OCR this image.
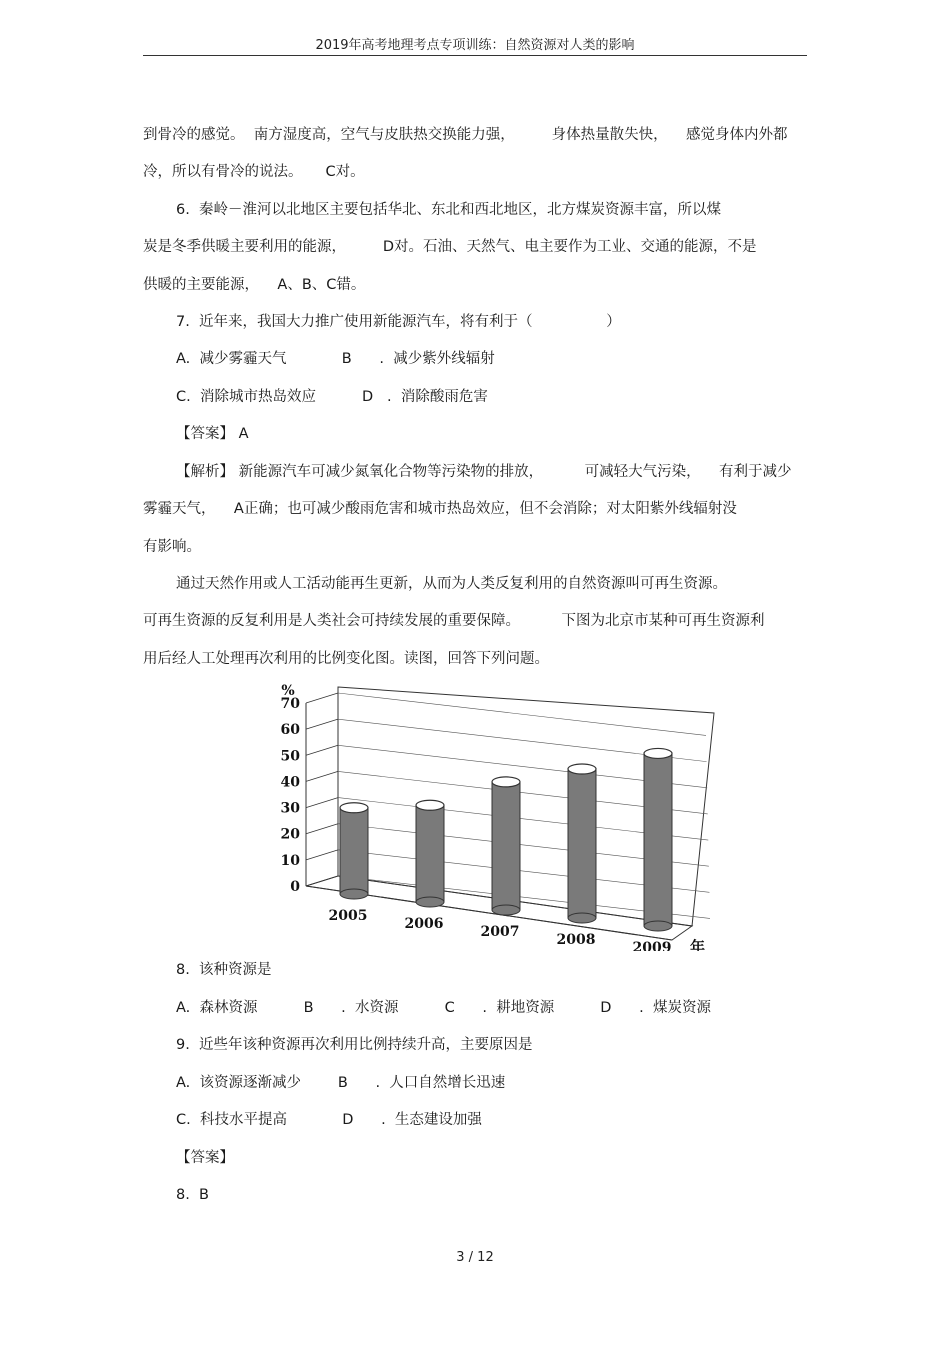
2019年高考地理考点专项训练：自然资源对人类的影响
到骨冷的感觉。  南方湿度高，空气与皮肤热交换能力强，        身体热量散失快，    感觉身体内外都
冷，所以有骨冷的说法。     C对。
6.  秦岭－淮河以北地区主要包括华北、东北和西北地区，北方煤炭资源丰富，所以煤
炭是冬季供暖主要利用的能源，        D对。石油、天然气、电主要作为工业、交通的能源，不是
供暖的主要能源，    A、B、C错。
7.  近年来，我国大力推广使用新能源汽车，将有利于（                ）
A.  减少雾霾天气            B      .  减少紫外线辐射
C.  消除城市热岛效应          D   .  消除酸雨危害
【答案】 A
【解析】 新能源汽车可减少氮氧化合物等污染物的排放，         可减轻大气污染，    有利于减少
雾霾天气，    A正确；也可减少酸雨危害和城市热岛效应，但不会消除；对太阳紫外线辐射没
有影响。
通过天然作用或人工活动能再生更新，从而为人类反复利用的自然资源叫可再生资源。
可再生资源的反复利用是人类社会可持续发展的重要保障。         下图为北京市某种可再生资源利
用后经人工处理再次利用的比例变化图。读图，回答下列问题。
0
10
20
30
40
50
60
70
%
年
2005	2006	2007	2008	2009
8.  该种资源是
A.  森林资源          B      .  水资源          C      .  耕地资源          D      .  煤炭资源
9.  近些年该种资源再次利用比例持续升高，主要原因是
A.  该资源逐渐减少        B      .  人口自然增长迅速
C.  科技水平提高            D      .  生态建设加强
【答案】
8.  B
3 / 12
